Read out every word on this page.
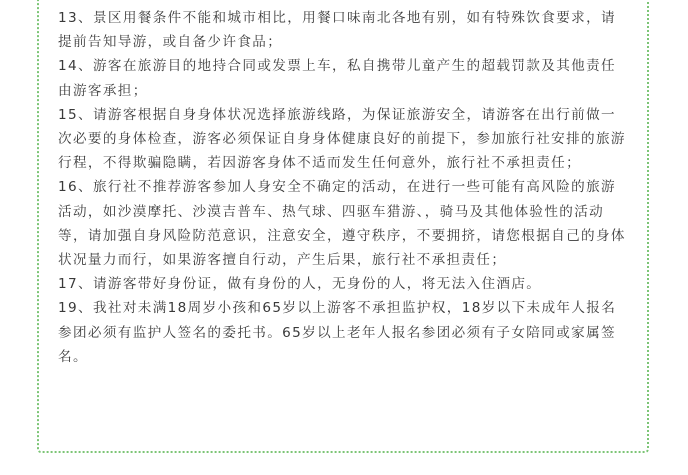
13、景区用餐条件不能和城市相比，用餐口味南北各地有别，如有特殊饮食要求，请提前告知导游，或自备少许食品；

14、游客在旅游目的地持合同或发票上车，私自携带儿童产生的超载罚款及其他责任由游客承担；

15、请游客根据自身身体状况选择旅游线路，为保证旅游安全，请游客在出行前做一次必要的身体检查，游客必须保证自身身体健康良好的前提下，参加旅行社安排的旅游行程，不得欺骗隐瞒，若因游客身体不适而发生任何意外，旅行社不承担责任；

16、旅行社不推荐游客参加人身安全不确定的活动，在进行一些可能有高风险的旅游活动，如沙漠摩托、沙漠吉普车、热气球、四驱车猎游、，骑马及其他体验性的活动等，请加强自身风险防范意识，注意安全，遵守秩序，不要拥挤，请您根据自己的身体状况量力而行，如果游客擅自行动，产生后果，旅行社不承担责任；

17、请游客带好身份证，做有身份的人，无身份的人，将无法入住酒店。

19、我社对未满18周岁小孩和65岁以上游客不承担监护权，18岁以下未成年人报名参团必须有监护人签名的委托书。65岁以上老年人报名参团必须有子女陪同或家属签名。
